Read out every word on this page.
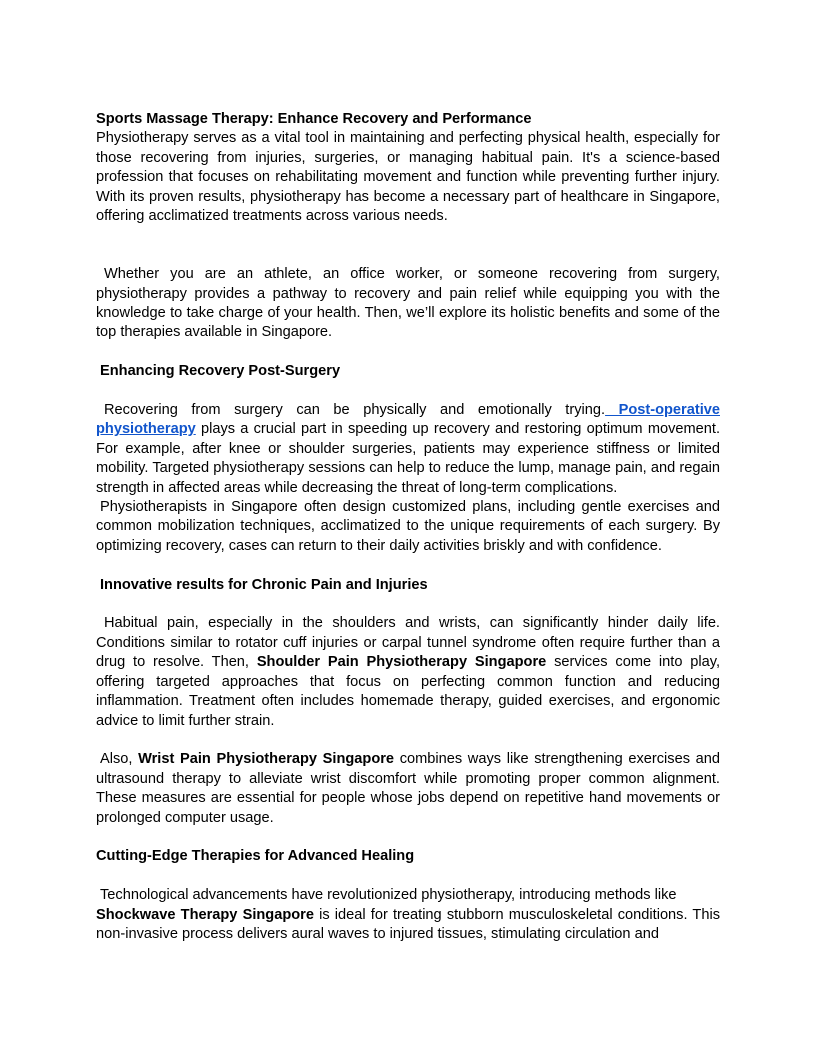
Sports Massage Therapy: Enhance Recovery and Performance

Physiotherapy serves as a vital tool in maintaining and perfecting physical health, especially for those recovering from injuries, surgeries, or managing habitual pain. It's a science-based profession that focuses on rehabilitating movement and function while preventing further injury. With its proven results, physiotherapy has become a necessary part of healthcare in Singapore, offering acclimatized treatments across various needs.

Whether you are an athlete, an office worker, or someone recovering from surgery, physiotherapy provides a pathway to recovery and pain relief while equipping you with the knowledge to take charge of your health. Then, we’ll explore its holistic benefits and some of the top therapies available in Singapore.

Enhancing Recovery Post-Surgery

Recovering from surgery can be physically and emotionally trying. Post-operative physiotherapy plays a crucial part in speeding up recovery and restoring optimum movement. For example, after knee or shoulder surgeries, patients may experience stiffness or limited mobility. Targeted physiotherapy sessions can help to reduce the lump, manage pain, and regain strength in affected areas while decreasing the threat of long-term complications.

Physiotherapists in Singapore often design customized plans, including gentle exercises and common mobilization techniques, acclimatized to the unique requirements of each surgery. By optimizing recovery, cases can return to their daily activities briskly and with confidence.

Innovative results for Chronic Pain and Injuries

Habitual pain, especially in the shoulders and wrists, can significantly hinder daily life. Conditions similar to rotator cuff injuries or carpal tunnel syndrome often require further than a drug to resolve. Then, Shoulder Pain Physiotherapy Singapore services come into play, offering targeted approaches that focus on perfecting common function and reducing inflammation. Treatment often includes homemade therapy, guided exercises, and ergonomic advice to limit further strain.

Also, Wrist Pain Physiotherapy Singapore combines ways like strengthening exercises and ultrasound therapy to alleviate wrist discomfort while promoting proper common alignment. These measures are essential for people whose jobs depend on repetitive hand movements or prolonged computer usage.

Cutting-Edge Therapies for Advanced Healing

Technological advancements have revolutionized physiotherapy, introducing methods like

Shockwave Therapy Singapore is ideal for treating stubborn musculoskeletal conditions. This non-invasive process delivers aural waves to injured tissues, stimulating circulation and
